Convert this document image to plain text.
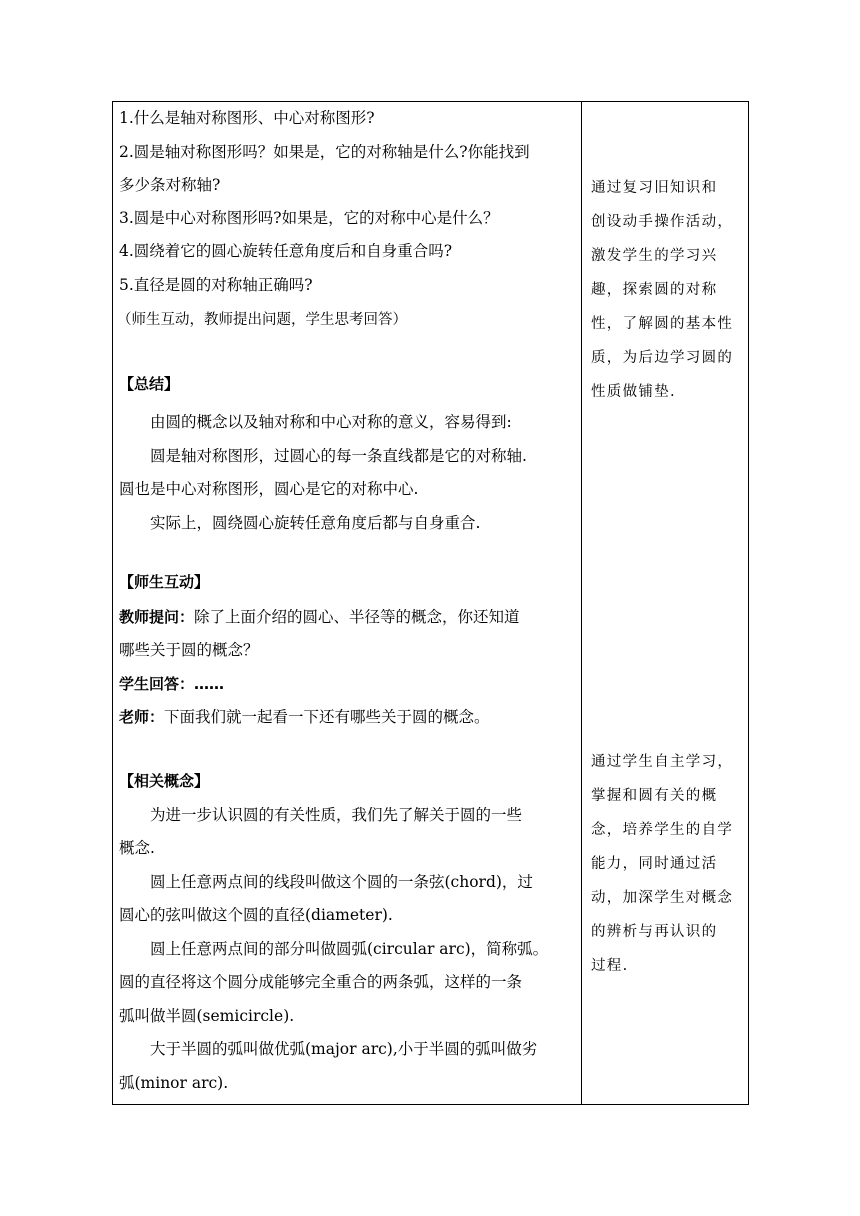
1.什么是轴对称图形、中心对称图形?
2.圆是轴对称图形吗？如果是，它的对称轴是什么?你能找到
多少条对称轴?
3.圆是中心对称图形吗?如果是，它的对称中心是什么？
4.圆绕着它的圆心旋转任意角度后和自身重合吗?
5.直径是圆的对称轴正确吗?
（师生互动，教师提出问题，学生思考回答）
【总结】
由圆的概念以及轴对称和中心对称的意义，容易得到:
圆是轴对称图形，过圆心的每一条直线都是它的对称轴.
圆也是中心对称图形，圆心是它的对称中心.
实际上，圆绕圆心旋转任意角度后都与自身重合.
【师生互动】
教师提问：除了上面介绍的圆心、半径等的概念，你还知道
哪些关于圆的概念？
学生回答：……
老师：下面我们就一起看一下还有哪些关于圆的概念。
【相关概念】
为进一步认识圆的有关性质，我们先了解关于圆的一些
概念.
圆上任意两点间的线段叫做这个圆的一条弦(chord)，过
圆心的弦叫做这个圆的直径(diameter).
圆上任意两点间的部分叫做圆弧(circular arc)，简称弧。
圆的直径将这个圆分成能够完全重合的两条弧，这样的一条
弧叫做半圆(semicircle).
大于半圆的弧叫做优弧(major arc),小于半圆的弧叫做劣
弧(minor arc).
通过复习旧知识和
创设动手操作活动，
激发学生的学习兴
趣，探索圆的对称
性，了解圆的基本性
质，为后边学习圆的
性质做铺垫.
通过学生自主学习，
掌握和圆有关的概
念，培养学生的自学
能力，同时通过活
动，加深学生对概念
的辨析与再认识的
过程.
